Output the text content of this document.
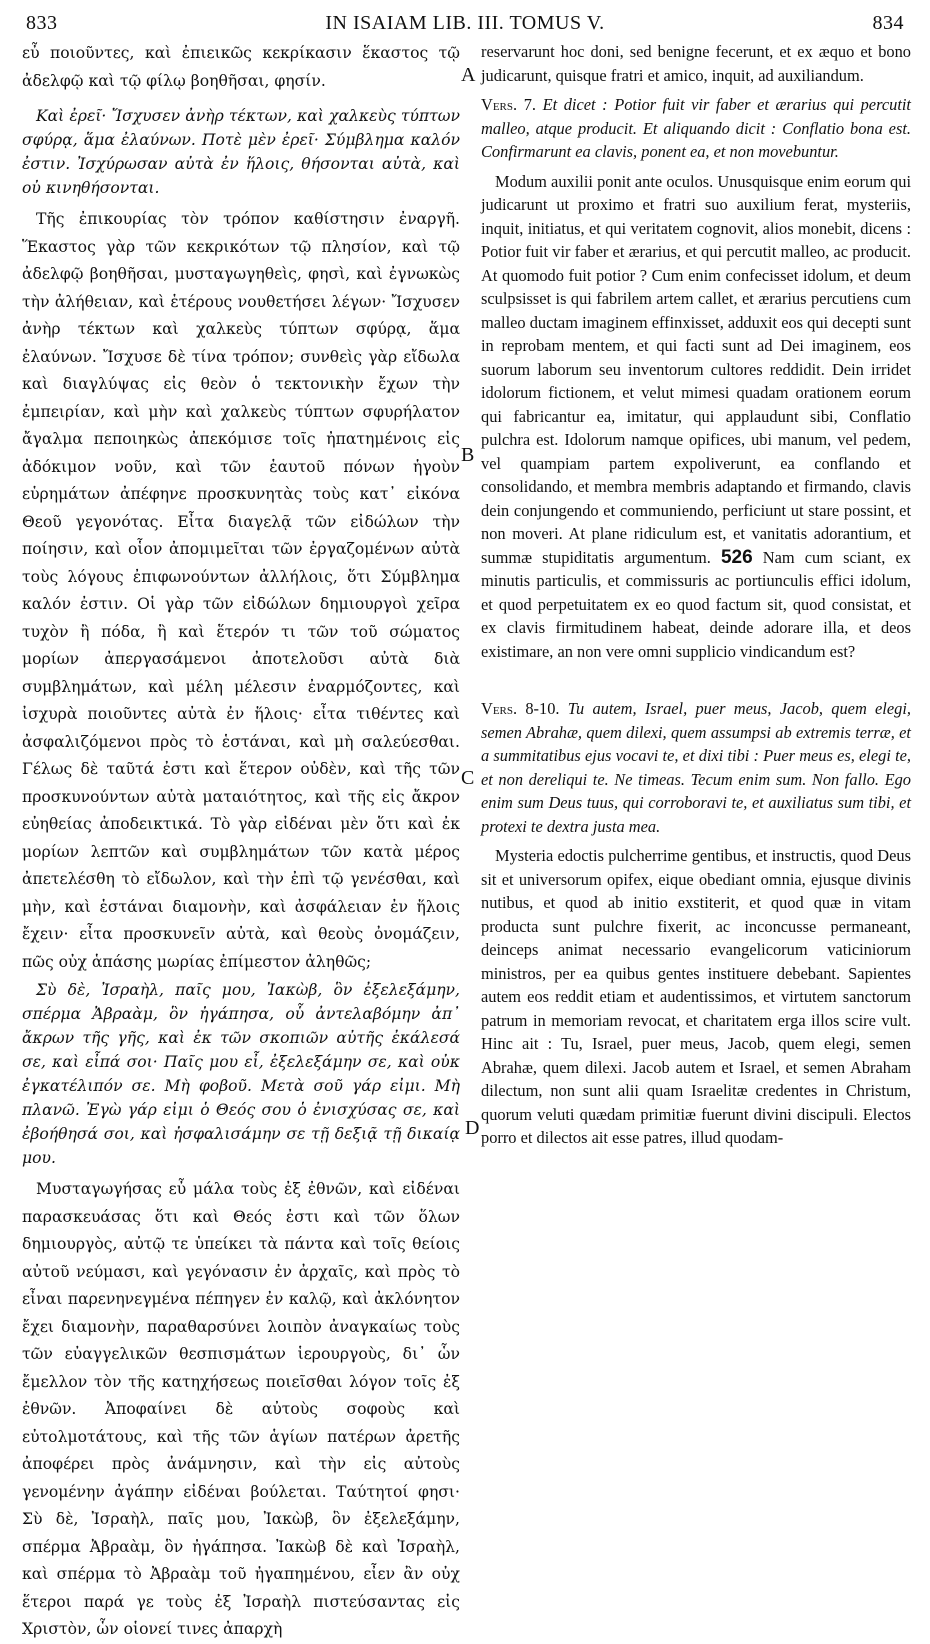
833	IN ISAIAM LIB. III. TOMUS V.	834

εὖ ποιοῦντες, καὶ ἐπιεικῶς κεκρίκασιν ἕκαστος τῷ ἀδελφῷ καὶ τῷ φίλῳ βοηθῆσαι, φησίν.

Καὶ ἐρεῖ· Ἴσχυσεν ἀνὴρ τέκτων, καὶ χαλκεὺς τύπτων σφύρᾳ, ἅμα ἐλαύνων. Ποτὲ μὲν ἐρεῖ· Σύμβλημα καλόν ἐστιν. Ἰσχύρωσαν αὐτὰ ἐν ἥλοις, θήσονται αὐτὰ, καὶ οὐ κινηθήσονται.

Τῆς ἐπικουρίας τὸν τρόπον καθίστησιν ἐναργῆ. Ἕκαστος γὰρ τῶν κεκρικότων τῷ πλησίον, καὶ τῷ ἀδελφῷ βοηθῆσαι, μυσταγωγηθεὶς, φησὶ, καὶ ἐγνωκὼς τὴν ἀλήθειαν, καὶ ἑτέρους νουθετήσει λέγων· Ἴσχυσεν ἀνὴρ τέκτων καὶ χαλκεὺς τύπτων σφύρᾳ, ἅμα ἐλαύνων. Ἴσχυσε δὲ τίνα τρόπον; συνθεὶς γὰρ εἴδωλα καὶ διαγλύψας εἰς θεὸν ὁ τεκτονικὴν ἔχων τὴν ἐμπειρίαν, καὶ μὴν καὶ χαλκεὺς τύπτων σφυρήλατον ἄγαλμα πεποιηκὼς ἀπεκόμισε τοῖς ἠπατημένοις εἰς ἀδόκιμον νοῦν, καὶ τῶν ἑαυτοῦ πόνων ἡγοὺν εὑρημάτων ἀπέφηνε προσκυνητὰς τοὺς κατ᾽ εἰκόνα Θεοῦ γεγονότας. Εἶτα διαγελᾷ τῶν εἰδώλων τὴν ποίησιν, καὶ οἷον ἀπομιμεῖται τῶν ἐργαζομένων αὐτὰ τοὺς λόγους ἐπιφωνούντων ἀλλήλοις, ὅτι Σύμβλημα καλόν ἐστιν. Οἱ γὰρ τῶν εἰδώλων δημιουργοὶ χεῖρα τυχὸν ἢ πόδα, ἢ καὶ ἕτερόν τι τῶν τοῦ σώματος μορίων ἀπεργασάμενοι ἀποτελοῦσι αὐτὰ διὰ συμβλημάτων, καὶ μέλη μέλεσιν ἐναρμόζοντες, καὶ ἰσχυρὰ ποιοῦντες αὐτὰ ἐν ἥλοις· εἶτα τιθέντες καὶ ἀσφαλιζόμενοι πρὸς τὸ ἑστάναι, καὶ μὴ σαλεύεσθαι. Γέλως δὲ ταῦτά ἐστι καὶ ἕτερον οὐδὲν, καὶ τῆς τῶν προσκυνούντων αὐτὰ ματαιότητος, καὶ τῆς εἰς ἄκρον εὐηθείας ἀποδεικτικά. Τὸ γὰρ εἰδέναι μὲν ὅτι καὶ ἐκ μορίων λεπτῶν καὶ συμβλημάτων τῶν κατὰ μέρος ἀπετελέσθη τὸ εἴδωλον, καὶ τὴν ἐπὶ τῷ γενέσθαι, καὶ μὴν, καὶ ἑστάναι διαμονὴν, καὶ ἀσφάλειαν ἐν ἥλοις ἔχειν· εἶτα προσκυνεῖν αὐτὰ, καὶ θεοὺς ὀνομάζειν, πῶς οὐχ ἁπάσης μωρίας ἐπίμεστον ἀληθῶς;

Σὺ δὲ, Ἰσραὴλ, παῖς μου, Ἰακὼβ, ὃν ἐξελεξάμην, σπέρμα Ἀβραὰμ, ὃν ἠγάπησα, οὗ ἀντελαβόμην ἀπ᾽ ἄκρων τῆς γῆς, καὶ ἐκ τῶν σκοπιῶν αὐτῆς ἐκάλεσά σε, καὶ εἶπά σοι· Παῖς μου εἶ, ἐξελεξάμην σε, καὶ οὐκ ἐγκατέλιπόν σε. Μὴ φοβοῦ. Μετὰ σοῦ γάρ εἰμι. Μὴ πλανῶ. Ἐγὼ γάρ εἰμι ὁ Θεός σου ὁ ἐνισχύσας σε, καὶ ἐβοήθησά σοι, καὶ ἠσφαλισάμην σε τῇ δεξιᾷ τῇ δικαίᾳ μου.

Μυσταγωγήσας εὖ μάλα τοὺς ἐξ ἐθνῶν, καὶ εἰδέναι παρασκευάσας ὅτι καὶ Θεός ἐστι καὶ τῶν ὅλων δημιουργὸς, αὐτῷ τε ὑπείκει τὰ πάντα καὶ τοῖς θείοις αὐτοῦ νεύμασι, καὶ γεγόνασιν ἐν ἀρχαῖς, καὶ πρὸς τὸ εἶναι παρενηνεγμένα πέπηγεν ἐν καλῷ, καὶ ἀκλόνητον ἔχει διαμονὴν, παραθαρσύνει λοιπὸν ἀναγκαίως τοὺς τῶν εὐαγγελικῶν θεσπισμάτων ἱερουργοὺς, δι᾽ ὧν ἔμελλον τὸν τῆς κατηχήσεως ποιεῖσθαι λόγον τοῖς ἐξ ἐθνῶν. Ἀποφαίνει δὲ αὐτοὺς σοφοὺς καὶ εὐτολμοτάτους, καὶ τῆς τῶν ἁγίων πατέρων ἀρετῆς ἀποφέρει πρὸς ἀνάμνησιν, καὶ τὴν εἰς αὐτοὺς γενομένην ἀγάπην εἰδέναι βούλεται. Ταύτητοί φησι· Σὺ δὲ, Ἰσραὴλ, παῖς μου, Ἰακὼβ, ὃν ἐξελεξάμην, σπέρμα Ἀβραὰμ, ὃν ἠγάπησα. Ἰακὼβ δὲ καὶ Ἰσραὴλ, καὶ σπέρμα τὸ Ἀβραὰμ τοῦ ἠγαπημένου, εἶεν ἂν οὐχ ἕτεροι παρά γε τοὺς ἐξ Ἰσραὴλ πιστεύσαντας εἰς Χριστὸν, ὧν οἱονεί τινες ἀπαρχὴ

A
B
C
D

reservarunt hoc doni, sed benigne fecerunt, et ex æquo et bono judicarunt, quisque fratri et amico, inquit, ad auxiliandum.

Vers. 7. Et dicet : Potior fuit vir faber et ærarius qui percutit malleo, atque producit. Et aliquando dicit : Conflatio bona est. Confirmarunt ea clavis, ponent ea, et non movebuntur.

Modum auxilii ponit ante oculos. Unusquisque enim eorum qui judicarunt ut proximo et fratri suo auxilium ferat, mysteriis, inquit, initiatus, et qui veritatem cognovit, alios monebit, dicens : Potior fuit vir faber et ærarius, et qui percutit malleo, ac producit. At quomodo fuit potior ? Cum enim confecisset idolum, et deum sculpsisset is qui fabrilem artem callet, et ærarius percutiens cum malleo ductam imaginem effinxisset, adduxit eos qui decepti sunt in reprobam mentem, et qui facti sunt ad Dei imaginem, eos suorum laborum seu inventorum cultores reddidit. Dein irridet idolorum fictionem, et velut mimesi quadam orationem eorum qui fabricantur ea, imitatur, qui applaudunt sibi, Conflatio pulchra est. Idolorum namque opifices, ubi manum, vel pedem, vel quampiam partem expoliverunt, ea conflando et consolidando, et membra membris adaptando et firmando, clavis dein conjungendo et communiendo, perficiunt ut stare possint, et non moveri. At plane ridiculum est, et vanitatis adorantium, et summæ stupiditatis argumentum. 526 Nam cum sciant, ex minutis particulis, et commissuris ac portiunculis effici idolum, et quod perpetuitatem ex eo quod factum sit, quod consistat, et ex clavis firmitudinem habeat, deinde adorare illa, et deos existimare, an non vere omni supplicio vindicandum est?

Vers. 8-10. Tu autem, Israel, puer meus, Jacob, quem elegi, semen Abrahæ, quem dilexi, quem assumpsi ab extremis terræ, et a summitatibus ejus vocavi te, et dixi tibi : Puer meus es, elegi te, et non dereliqui te. Ne timeas. Tecum enim sum. Non fallo. Ego enim sum Deus tuus, qui corroboravi te, et auxiliatus sum tibi, et protexi te dextra justa mea.

Mysteria edoctis pulcherrime gentibus, et instructis, quod Deus sit et universorum opifex, eique obediant omnia, ejusque divinis nutibus, et quod ab initio exstiterit, et quod quæ in vitam producta sunt pulchre fixerit, ac inconcusse permaneant, deinceps animat necessario evangelicorum vaticiniorum ministros, per ea quibus gentes instituere debebant. Sapientes autem eos reddit etiam et audentissimos, et virtutem sanctorum patrum in memoriam revocat, et charitatem erga illos scire vult. Hinc ait : Tu, Israel, puer meus, Jacob, quem elegi, semen Abrahæ, quem dilexi. Jacob autem et Israel, et semen Abraham dilectum, non sunt alii quam Israelitæ credentes in Christum, quorum veluti quædam primitiæ fuerunt divini discipuli. Electos porro et dilectos ait esse patres, illud quodam-
